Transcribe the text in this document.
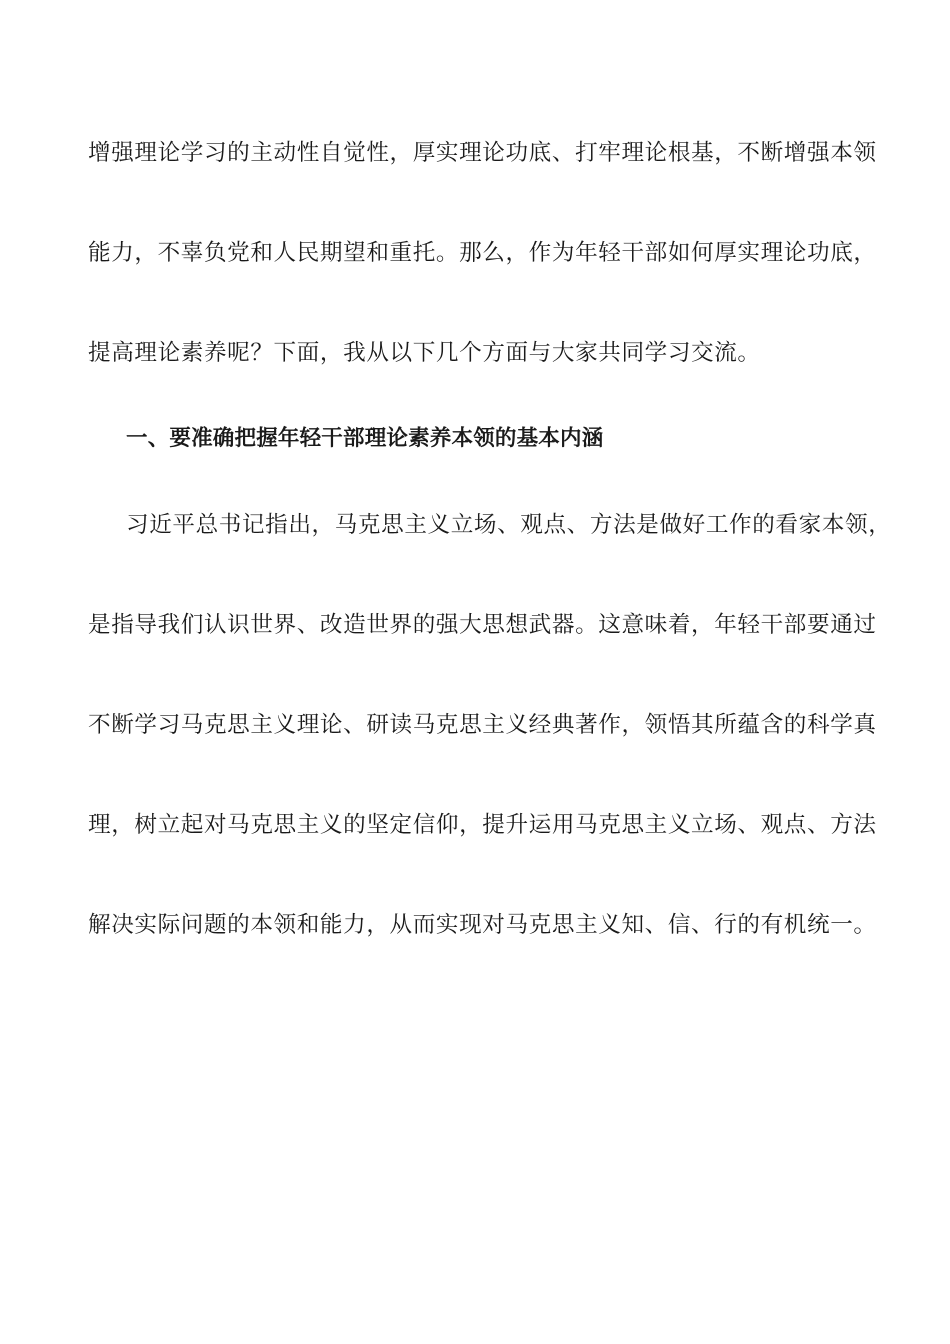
增强理论学习的主动性自觉性，厚实理论功底、打牢理论根基，不断增强本领
能力，不辜负党和人民期望和重托。那么，作为年轻干部如何厚实理论功底，
提高理论素养呢？下面，我从以下几个方面与大家共同学习交流。
一、要准确把握年轻干部理论素养本领的基本内涵
习近平总书记指出，马克思主义立场、观点、方法是做好工作的看家本领，
是指导我们认识世界、改造世界的强大思想武器。这意味着，年轻干部要通过
不断学习马克思主义理论、研读马克思主义经典著作，领悟其所蕴含的科学真
理，树立起对马克思主义的坚定信仰，提升运用马克思主义立场、观点、方法
解决实际问题的本领和能力，从而实现对马克思主义知、信、行的有机统一。
